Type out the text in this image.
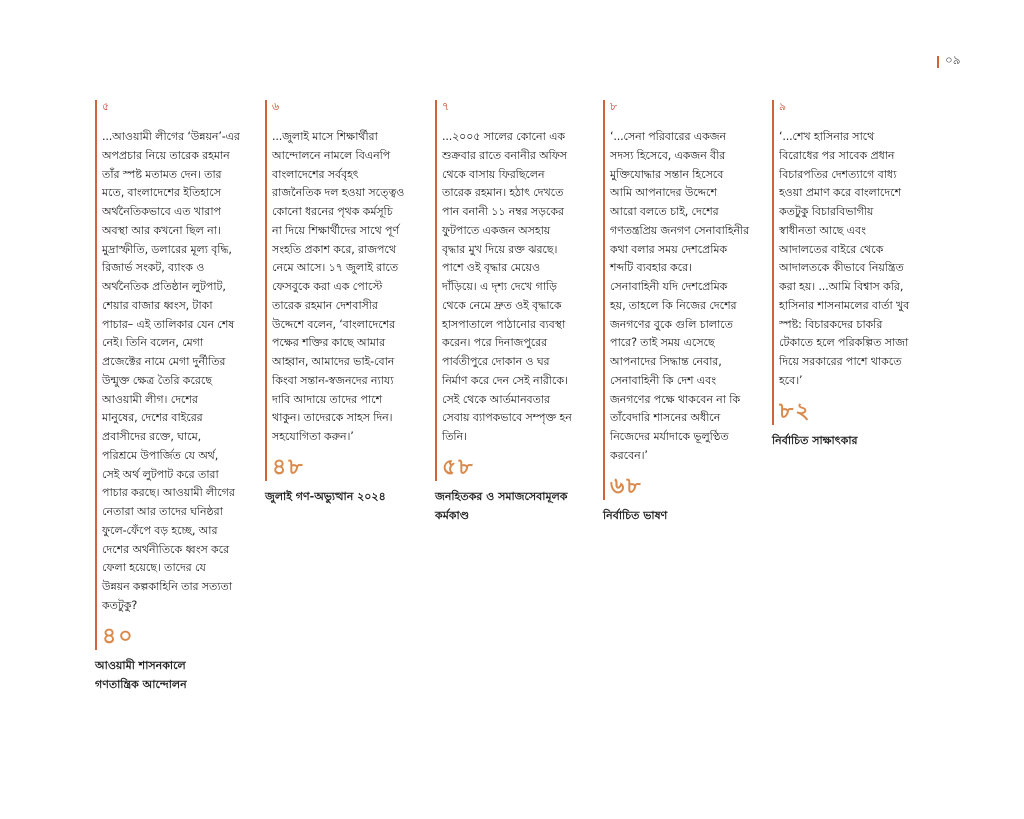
০৯
৫
...আওয়ামী লীগের ‘উন্নয়ন’-এর
অপপ্রচার নিয়ে তারেক রহমান
তাঁর স্পষ্ট মতামত দেন। তার
মতে, বাংলাদেশের ইতিহাসে
অর্থনৈতিকভাবে এত খারাপ
অবস্থা আর কখনো ছিল না।
মুদ্রাস্ফীতি, ডলারের মূল্য বৃদ্ধি,
রিজার্ভ সংকট, ব্যাংক ও
অর্থনৈতিক প্রতিষ্ঠান লুটপাট,
শেয়ার বাজার ধ্বংস, টাকা
পাচার– এই তালিকার যেন শেষ
নেই। তিনি বলেন, মেগা
প্রজেক্টের নামে মেগা দুর্নীতির
উন্মুক্ত ক্ষেত্র তৈরি করেছে
আওয়ামী লীগ। দেশের
মানুষের, দেশের বাইরের
প্রবাসীদের রক্তে, ঘামে,
পরিশ্রমে উপার্জিত যে অর্থ,
সেই অর্থ লুটপাট করে তারা
পাচার করছে। আওয়ামী লীগের
নেতারা আর তাদের ঘনিষ্ঠরা
ফুলে-ফেঁপে বড় হচ্ছে, আর
দেশের অর্থনীতিকে ধ্বংস করে
ফেলা হয়েছে। তাদের যে
উন্নয়ন কল্পকাহিনি তার সত্যতা
কতটুকু?
৪০
আওয়ামী শাসনকালে
গণতান্ত্রিক আন্দোলন
৬
...জুলাই মাসে শিক্ষার্থীরা
আন্দোলনে নামলে বিএনপি
বাংলাদেশের সর্ববৃহৎ
রাজনৈতিক দল হওয়া সত্ত্বেও
কোনো ধরনের পৃথক কর্মসূচি
না দিয়ে শিক্ষার্থীদের সাথে পূর্ণ
সংহতি প্রকাশ করে, রাজপথে
নেমে আসে। ১৭ জুলাই রাতে
ফেসবুকে করা এক পোস্টে
তারেক রহমান দেশবাসীর
উদ্দেশে বলেন, ‘বাংলাদেশের
পক্ষের শক্তির কাছে আমার
আহ্বান, আমাদের ভাই-বোন
কিংবা সন্তান-স্বজনদের ন্যায্য
দাবি আদায়ে তাদের পাশে
থাকুন। তাদেরকে সাহস দিন।
সহযোগিতা করুন।’
৪৮
জুলাই গণ-অভ্যুত্থান ২০২৪
৭
...২০০৫ সালের কোনো এক
শুক্রবার রাতে বনানীর অফিস
থেকে বাসায় ফিরছিলেন
তারেক রহমান। হঠাৎ দেখতে
পান বনানী ১১ নম্বর সড়কের
ফুটপাতে একজন অসহায়
বৃদ্ধার মুখ দিয়ে রক্ত ঝরছে।
পাশে ওই বৃদ্ধার মেয়েও
দাঁড়িয়ে। এ দৃশ্য দেখে গাড়ি
থেকে নেমে দ্রুত ওই বৃদ্ধাকে
হাসপাতালে পাঠানোর ব্যবস্থা
করেন। পরে দিনাজপুরের
পার্বতীপুরে দোকান ও ঘর
নির্মাণ করে দেন সেই নারীকে।
সেই থেকে আর্তমানবতার
সেবায় ব্যাপকভাবে সম্পৃক্ত হন
তিনি।
৫৮
জনহিতকর ও সমাজসেবামূলক
কর্মকাণ্ড
৮
‘...সেনা পরিবারের একজন
সদস্য হিসেবে, একজন বীর
মুক্তিযোদ্ধার সন্তান হিসেবে
আমি আপনাদের উদ্দেশে
আরো বলতে চাই, দেশের
গণতন্ত্রপ্রিয় জনগণ সেনাবাহিনীর
কথা বলার সময় দেশপ্রেমিক
শব্দটি ব্যবহার করে।
সেনাবাহিনী যদি দেশপ্রেমিক
হয়, তাহলে কি নিজের দেশের
জনগণের বুকে গুলি চালাতে
পারে? তাই সময় এসেছে
আপনাদের সিদ্ধান্ত নেবার,
সেনাবাহিনী কি দেশ এবং
জনগণের পক্ষে থাকবেন না কি
তাঁবেদারি শাসনের অধীনে
নিজেদের মর্যাদাকে ভূলুণ্ঠিত
করবেন।’
৬৮
নির্বাচিত ভাষণ
৯
‘...শেখ হাসিনার সাথে
বিরোধের পর সাবেক প্রধান
বিচারপতির দেশত্যাগে বাধ্য
হওয়া প্রমাণ করে বাংলাদেশে
কতটুকু বিচারবিভাগীয়
স্বাধীনতা আছে এবং
আদালতের বাইরে থেকে
আদালতকে কীভাবে নিয়ন্ত্রিত
করা হয়। ...আমি বিশ্বাস করি,
হাসিনার শাসনামলের বার্তা খুব
স্পষ্ট: বিচারকদের চাকরি
টেকাতে হলে পরিকল্পিত সাজা
দিয়ে সরকারের পাশে থাকতে
হবে।’
৮২
নির্বাচিত সাক্ষাৎকার
